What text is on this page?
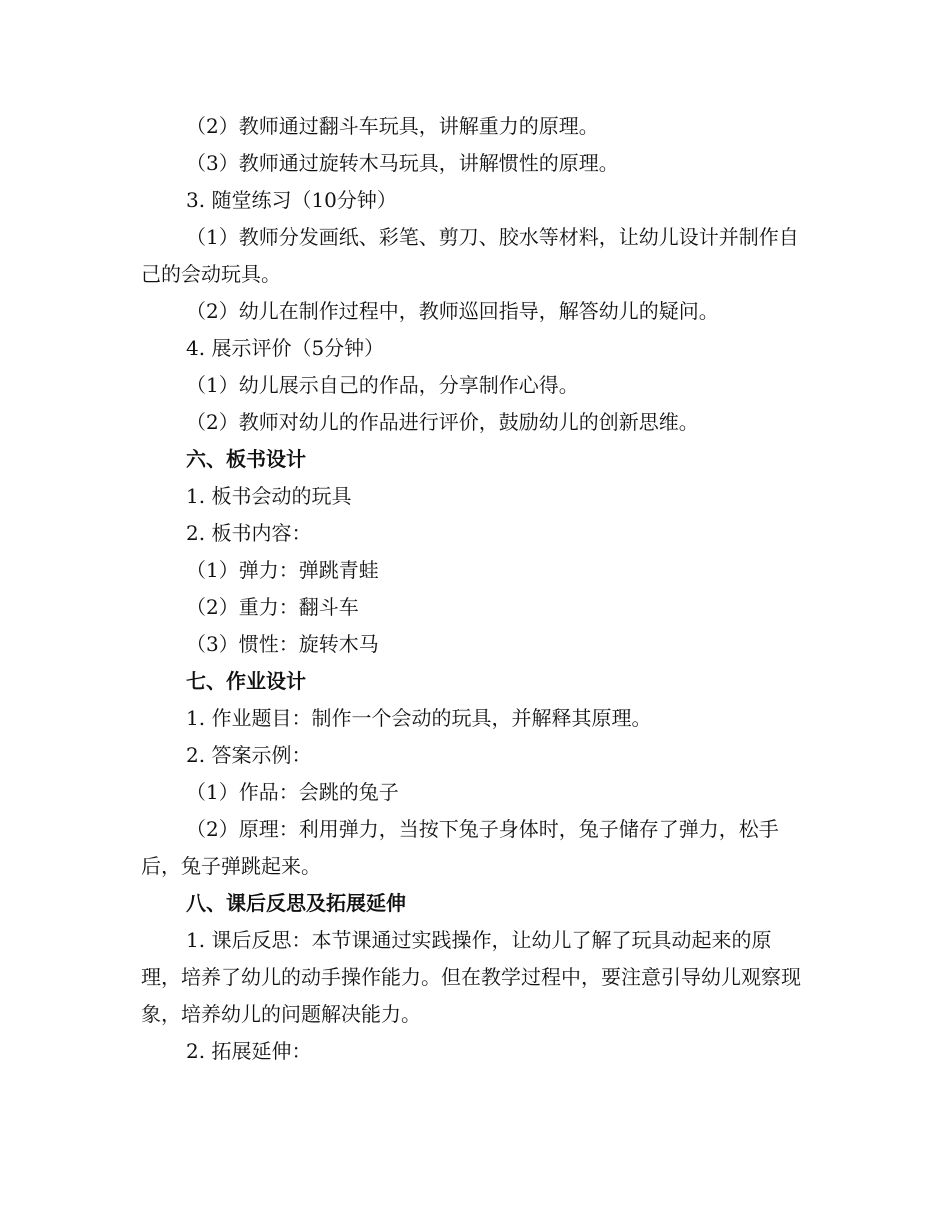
（2）教师通过翻斗车玩具，讲解重力的原理。
（3）教师通过旋转木马玩具，讲解惯性的原理。
3. 随堂练习（10分钟）
（1）教师分发画纸、彩笔、剪刀、胶水等材料，让幼儿设计并制作自己的会动玩具。
（2）幼儿在制作过程中，教师巡回指导，解答幼儿的疑问。
4. 展示评价（5分钟）
（1）幼儿展示自己的作品，分享制作心得。
（2）教师对幼儿的作品进行评价，鼓励幼儿的创新思维。
六、板书设计
1. 板书会动的玩具
2. 板书内容：
（1）弹力：弹跳青蛙
（2）重力：翻斗车
（3）惯性：旋转木马
七、作业设计
1. 作业题目：制作一个会动的玩具，并解释其原理。
2. 答案示例：
（1）作品：会跳的兔子
（2）原理：利用弹力，当按下兔子身体时，兔子储存了弹力，松手后，兔子弹跳起来。
八、课后反思及拓展延伸
1. 课后反思：本节课通过实践操作，让幼儿了解了玩具动起来的原理，培养了幼儿的动手操作能力。但在教学过程中，要注意引导幼儿观察现象，培养幼儿的问题解决能力。
2. 拓展延伸：
